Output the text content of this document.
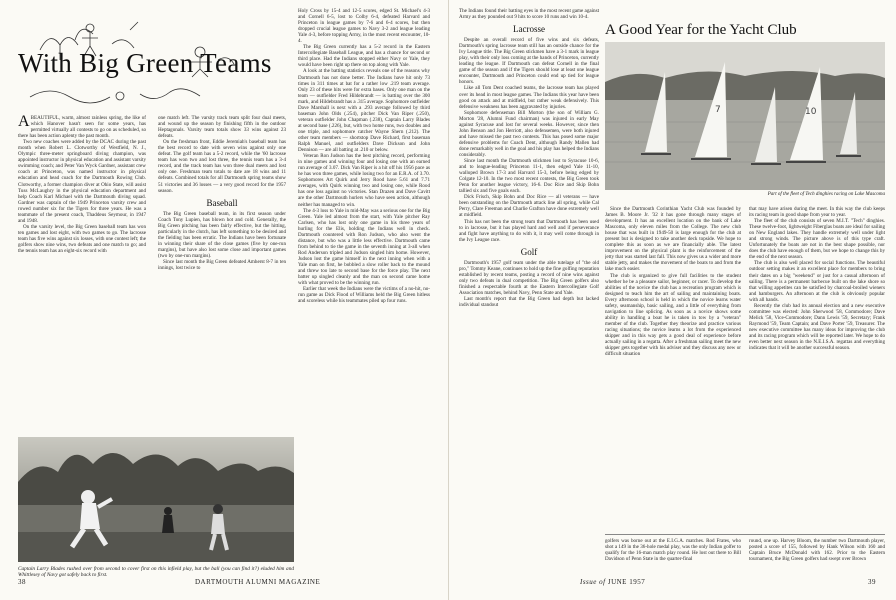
With Big Green Teams
A BEAUTIFUL, warm, almost rainless spring, the like of which Hanover hasn't seen for some years, has permitted virtually all contests to go on as scheduled, so there has been action aplenty the past month.

Two new coaches were added by the DCAC during the past month when Robert L. Clotworthy of Westfield, N. J., Olympic three-meter springboard diving champion, was appointed instructor in physical education and assistant varsity swimming coach; and Peter Van Wyck Gardner, assistant crew coach at Princeton, was named instructor in physical education and head coach for the Dartmouth Rowing Club. Clotworthy, a former champion diver at Ohio State, will assist Tuss McLaughry in the physical education department and help Coach Karl Michael with the Dartmouth diving squad. Gardner was captain of the 1949 Princeton varsity crew and rowed number six for the Tigers for three years. He was a teammate of the present coach, Thaddeus Seymour, in 1947 and 1948.

On the varsity level, the Big Green baseball team has won ten games and lost eight, with two games to go. The lacrosse team has five wins against six losses, with one contest left; the golfers show nine wins, two defeats and one match to go; and the tennis team has an eight-six record with

one match left. The varsity track team split four dual meets, and wound up the season by finishing fifth in the outdoor Heptagonals. Varsity team totals show 33 wins against 23 defeats.

On the freshman front, Eddie Jeremiah's baseball team has the best record to date with seven wins against only one defeat. The golf team has a 5-2 record, while the '60 lacrosse team has won two and lost three, the tennis team has a 3-4 record, and the track team has won three dual meets and lost only one. Freshman team totals to date are 18 wins and 11 defeats. Combined totals for all Dartmouth spring teams show 51 victories and 36 losses — a very good record for the 1957 season.

Baseball

The Big Green baseball team, in its first season under Coach Tony Lupien, has blown hot and cold. Generally, the Big Green pitching has been fairly effective, but the hitting, particularly in the clutch, has left something to be desired and the fielding has been erratic. The Indians have been fortunate in winning their share of the close games (five by one-run margins), but have also lost some close and important games (two by one-run margins).

Since last month the Big Green defeated Amherst 8-7 in ten innings, lost twice to

Holy Cross by 15-4 and 12-5 scores, edged St. Michael's 4-3 and Cornell 6-5, lost to Colby 6-4, defeated Harvard and Princeton in league games by 7-6 and 6-4 scores, but then dropped crucial league games to Navy 3-2 and league leading Yale 4-3, before topping Army, in the most recent encounter, 10-4.

The Big Green currently has a 5-2 record in the Eastern Intercollegiate Baseball League, and has a chance for second or third place. Had the Indians stopped either Navy or Yale, they would have been right up there on top along with Yale.

A look at the batting statistics reveals one of the reasons why Dartmouth has not done better. The Indians have hit only 73 times in 311 times at bat for a rather low .219 team average. Only 23 of these hits were for extra bases. Only one man on the team — outfielder Fred Hildebrandt — is batting over the 300 mark, and Hildebrandt has a .315 average. Sophomore outfielder Dave Marshall is next with a .293 average followed by third baseman John Olds (.254), pitcher Dick Van Riper (.250), veteran outfielder John Chapman (.238), Captain Larry Blades at second base (.226), but, with two home runs, two doubles and one triple, and sophomore catcher Wayne Shern (.212). The other team members — shortstop Dave Richard, first baseman Ralph Manuel, and outfielders Dave Dickson and John Dennison — are all batting at .210 or below.

Veteran Ron Judson has the best pitching record, performing in nine games and winning four and losing one with an earned run average of 3.07. Dick Van Riper is a hit off his 1956 pace as he has won three games, while losing two for an E.R.A. of 3.70. Sophomores Art Quirk and Jerry Rood have 5.61 and 7.71 averages, with Quirk winning two and losing one, while Rood has one loss against no victories. Stan Drazen and Dave Cavitt are the other Dartmouth hurlers who have seen action, although neither has managed to win.

The 4-3 loss to Yale in mid-May was a serious one for the Big Green. Yale led almost from the start, with Yale pitcher Ray Carlsen, who has lost only one game in his three years of hurling for the Elis, holding the Indians well in check. Dartmouth countered with Ron Judson, who also went the distance, but who was a little less effective. Dartmouth came from behind to tie the game in the seventh inning at 3-all when Rod Anderson tripled and Judson singled him home. However, Judson lost the game himself in the next inning when with a Yale man on first, he bobbled a slow roller back to the mound and threw too late to second base for the force play. The next batter up singled cleanly and the man on second came home with what proved to be the winning run.

Earlier that week the Indians were the victims of a no-hit, no-run game as Dick Flood of Williams held the Big Green hitless and scoreless while his teammates piled up four runs.

Captain Larry Blades rushed over from second to cover first on this infield play, but the ball (you can find it?) eluded him and Whittlesey of Navy got safely back to first.
38	DARTMOUTH ALUMNI MAGAZINE

The Indians found their batting eyes in the most recent game against Army as they pounded out 9 hits to score 10 runs and win 10-4.

Lacrosse

Despite an overall record of five wins and six defeats, Dartmouth's spring lacrosse team still has an outside chance for the Ivy League title. The Big Green stickmen have a 3-1 mark in league play, with their only loss coming at the hands of Princeton, currently leading the league. If Dartmouth can defeat Cornell in the final game of the season and if the Tigers should lose at least one league encounter, Dartmouth and Princeton could end up tied for league honors.

Like all Tom Dent coached teams, the lacrosse team has played over its head in most league games. The Indians this year have been good on attack and at midfield, but rather weak defensively. This defensive weakness has been aggravated by injuries.

Sophomore defenseman Bill Morton (the son of William G. Morton '28, Alumni Fund chairman) was injured in early May against Syracuse and lost for several weeks. However, since then John Benson and Jon Herriott, also defensemen, were both injured and have missed the past two contests. This has posed some major defensive problems for Coach Dent, although Randy Mallen had done remarkably well in the goal and his play has helped the Indians considerably.

Since last month the Dartmouth stickmen lost to Syracuse 10-6, and to league-leading Princeton 11-1, then edged Yale 11-10, walloped Brown 17-3 and Harvard 15-3, before being edged by Colgate 12-10. In the two most recent contests, the Big Green took Penn for another league victory, 16-6. Doc Rice and Skip Bohn tallied six and five goals each.

Dick Frisch, Skip Bohn and Doc Rice — all veterans — have been outstanding on the Dartmouth attack line all spring, while Cal Perry, Clare Freeman and Charlie Grafton have done extremely well at midfield.

This has not been the strong team that Dartmouth has been used to in lacrosse, but it has played hard and well and if perseverance and fight have anything to do with it, it may well come through in the Ivy League race.

Golf

Dartmouth's 1957 golf team under the able tutelage of "the old pro," Tommy Keane, continues to hold up the fine golfing reputation established by recent teams, posting a record of nine wins against only two defeats in dual competition. The Big Green golfers also finished a respectable fourth at the Eastern Intercollegiate Golf Association matches, behind Navy, Penn State and Yale.

Last month's report that the Big Green had depth but lacked individual standout

A Good Year for the Yacht Club
7	10
Part of the fleet of Tech dinghies racing on Lake Mascoma

Since the Dartmouth Corinthian Yacht Club was founded by James B. Moore Jr. '32 it has gone through many stages of development. It has an excellent location on the bank of Lake Mascoma, only eleven miles from the College. The new club house that was built in 1949-50 is large enough for the club at present but is designed to take another deck topside. We hope to complete this as soon as we are financially able. The latest improvement on the physical plant is the reinforcement of the jetty that was started last fall. This now gives us a wider and more stable jetty, and makes the movement of the boats to and from the lake much easier.

The club is organized to give full facilities to the student whether he be a pleasure sailor, beginner, or racer. To develop the abilities of the novice the club has a recreation program which is designed to teach him the art of sailing and maintaining boats. Every afternoon school is held in which the novice learns water safety, seamanship, basic sailing, and a little of everything from navigation to line splicing. As soon as a novice shows some ability in handling a boat he is taken in tow by a "veteran" member of the club. Together they theorize and practice various racing situations; the novice learns a lot from the experienced skipper and in this way gets a good deal of experience before actually sailing in a regatta. After a freshman sailing meet the new skipper gets together with his adviser and they discuss any new or difficult situation

that may have arisen during the meet. In this way the club keeps its racing team in good shape from year to year.

The fleet of the club consists of seven M.I.T. "Tech" dinghies. These twelve-foot, lightweight Fiberglas boats are ideal for sailing on New England lakes. They handle extremely well under light and strong winds. The picture above is of this type craft. Unfortunately the boats are not in the best shape possible, nor does the club have enough of them, but we hope to change this by the end of the next season.

The club is also well placed for social functions. The beautiful outdoor setting makes it an excellent place for members to bring their dates on a big "weekend" or just for a casual afternoon of sailing. There is a permanent barbecue built on the lake shore so that willing appetites can be satisfied by charcoal-broiled wieners and hamburgers. An afternoon at the club is obviously popular with all hands.

Recently the club had its annual election and a new executive committee was elected: John Sherwood '58, Commodore; Dave Melick '58, Vice-Commodore; Dann Lewis '59, Secretary; Frank Raymond '59, Team Captain; and Dave Porter '59, Treasurer. The new executive committee has many ideas for improving the club and its racing program which will be reported later. We hope to do even better next season in the N.E.I.S.A. regattas and everything indicates that it will be another successful season.

golfers was borne out at the E.I.G.A. matches. Rod Frates, who shot a 149 in the 36-hole medal play, was the only Indian golfer to qualify for the 16-man match play round. He lost out there to Bill Davidson of Penn State in the quarter-final

round, one up. Harvey Bloom, the number two Dartmouth player, posted a score of 155, followed by Hank Wilson with 160 and Captain Bruce McDonald with 162. Prior to the Eastern tournament, the Big Green golfers had swept over Brown

Issue of JUNE 1957	39
